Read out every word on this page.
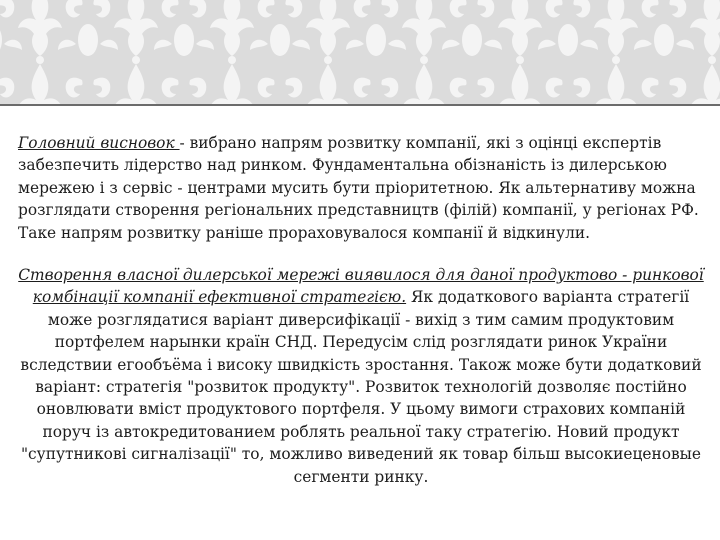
Головний висновок - вибрано напрям розвитку компанії, які з оцінці експертів забезпечить лідерство над ринком. Фундаментальна обізнаність із дилерською мережею і з сервіс - центрами мусить бути пріоритетною. Як альтернативу можна розглядати створення регіональних представництв (філій) компанії, у регіонах РФ. Таке напрям розвитку раніше прораховувалося компанії й відкинули.

Створення власної дилерської мережі виявилося для даної продуктово - ринкової комбінації компанії ефективної стратегією. Як додаткового варіанта стратегії може розглядатися варіант диверсифікації - вихід з тим самим продуктовим портфелем нарынки країн СНД. Передусім слід розглядати ринок України вследствии егообъёма і високу швидкість зростання. Також може бути додатковий варіант: стратегія "розвиток продукту". Розвиток технологій дозволяє постійно оновлювати вміст продуктового портфеля. У цьому вимоги страхових компаній поруч із автокредитованием роблять реальної таку стратегію. Новий продукт "супутникові сигналізації" то, можливо виведений як товар більш высокиеценовые сегменти ринку.
